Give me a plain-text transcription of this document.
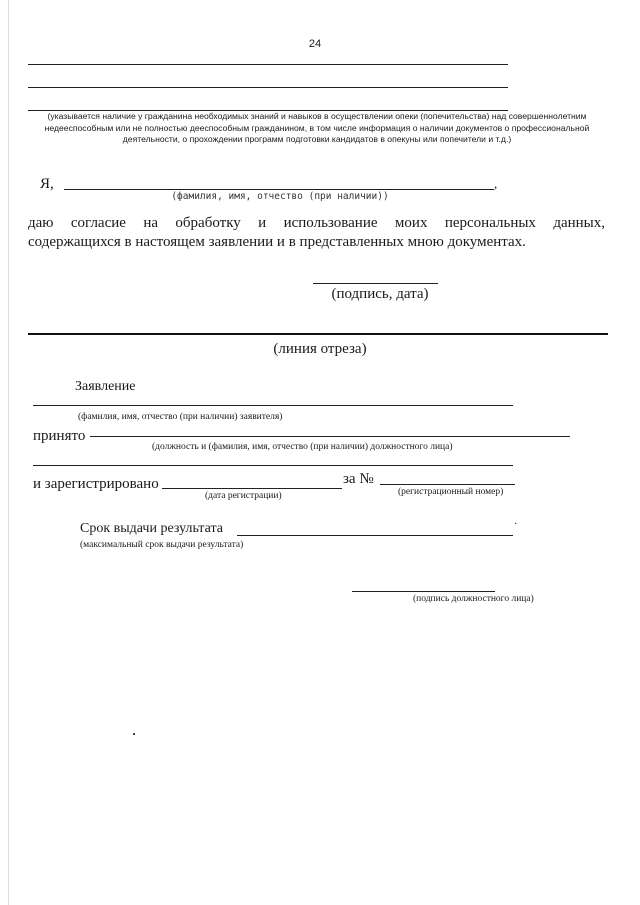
24
(указывается наличие у гражданина необходимых знаний и навыков в осуществлении опеки (попечительства) над совершеннолетним недееспособным или не полностью дееспособным гражданином, в том числе информация о наличии документов о профессиональной деятельности, о прохождении программ подготовки кандидатов в опекуны или попечители и т.д.)
Я,	,
(фамилия, имя, отчество (при наличии))
даю согласие на обработку и использование моих персональных данных,
содержащихся в настоящем заявлении и в представленных мною документах.
(подпись, дата)
(линия отреза)
Заявление
(фамилия, имя, отчество (при наличии) заявителя)
принято
(должность и (фамилия, имя, отчество (при наличии) должностного лица)
и зарегистрировано	за №
(дата регистрации)	(регистрационный номер)
Срок выдачи результата	·
(максимальный срок выдачи результата)
(подпись должностного лица)
